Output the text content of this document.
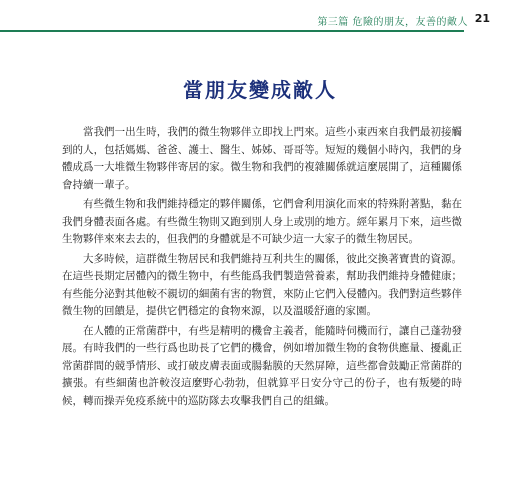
第三篇 危險的朋友，友善的敵人 21
當朋友變成敵人

當我們一出生時，我們的微生物夥伴立即找上門來。這些小東西來自我們最初接觸到的人，包括媽媽、爸爸、護士、醫生、姊姊、哥哥等。短短的幾個小時內，我們的身體成爲一大堆微生物夥伴寄居的家。微生物和我們的複雜關係就這麼展開了，這種關係會持續一輩子。

有些微生物和我們維持穩定的夥伴關係，它們會利用演化而來的特殊附著點，黏在我們身體表面各處。有些微生物則又跑到別人身上或別的地方。經年累月下來，這些微生物夥伴來來去去的，但我們的身體就是不可缺少這一大家子的微生物居民。

大多時候，這群微生物居民和我們維持互利共生的關係，彼此交換著寶貴的資源。在這些長期定居體內的微生物中，有些能爲我們製造營養素，幫助我們維持身體健康；有些能分泌對其他較不親切的細菌有害的物質，來防止它們入侵體內。我們對這些夥伴微生物的回饋是，提供它們穩定的食物來源，以及溫暖舒適的家園。

在人體的正常菌群中，有些是精明的機會主義者，能隨時伺機而行，讓自己蓬勃發展。有時我們的一些行爲也助長了它們的機會，例如增加微生物的食物供應量、擾亂正常菌群間的競爭情形、或打破皮膚表面或腸黏膜的天然屏障，這些都會鼓勵正常菌群的擴張。有些細菌也許較沒這麼野心勃勃，但就算平日安分守己的份子，也有叛變的時候，轉而操弄免疫系統中的巡防隊去攻擊我們自己的組織。
